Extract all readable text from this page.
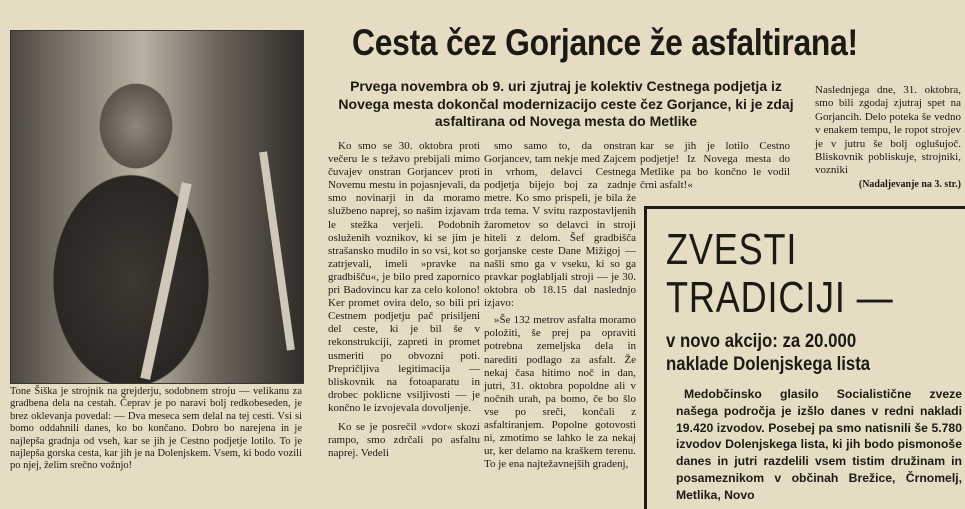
Tone Šiška je strojnik na grejderju, sodobnem stroju — velikanu za gradbena dela na cestah. Čeprav je po naravi bolj redkobeseden, je brez oklevanja povedal: — Dva meseca sem delal na tej cesti. Vsi si bomo oddahnili danes, ko bo končano. Dobro bo narejena in je najlepša gradnja od vseh, kar se jih je Cestno podjetje lotilo. To je najlepša gorska cesta, kar jih je na Dolenjskem. Vsem, ki bodo vozili po njej, želim srečno vožnjo!

Cesta čez Gorjance že asfaltirana!

Prvega novembra ob 9. uri zjutraj je kolektiv Cestnega podjetja iz Novega mesta dokončal modernizacijo ceste čez Gorjance, ki je zdaj asfaltirana od Novega mesta do Metlike

Naslednjega dne, 31. oktobra, smo bili zgodaj zjutraj spet na Gorjancih. Delo poteka še vedno v enakem tempu, le ropot strojev je v jutru še bolj oglušujoč. Bliskovnik pobliskuje, strojniki, vozniki

(Nadaljevanje na 3. str.)

Ko smo se 30. oktobra proti večeru le s težavo prebijali mimo čuvajev onstran Gorjancev proti Novemu mestu in pojasnjevali, da smo novinarji in da moramo službeno naprej, so našim izjavam le stežka verjeli. Podobnih osluženih voznikov, ki se jim je strašansko mudilo in so vsi, kot so zatrjevali, imeli »pravke na gradbišču«, je bilo pred zaporníco pri Badovincu kar za celo kolono! Ker promet ovira delo, so bili pri Cestnem podjetju pač prisiljeni del ceste, ki je bil še v rekonstrukciji, zapreti in promet usmeriti po obvozni poti. Prepričljiva legitimacija — bliskovnik na fotoaparatu in drobec poklicne vsiljivosti — je končno le izvojevala dovoljenje.

Ko se je posrečil »vdor« skozi rampo, smo zdrčali po asfaltu naprej. Vedeli

smo samo to, da onstran Gorjancev, tam nekje med Zajcem in vrhom, delavci Cestnega podjetja bijejo boj za zadnje metre. Ko smo prispeli, je bila že trda tema. V svitu razpostavljenih žarometov so delavci in stroji hiteli z delom. Šef gradbišča gorjanske ceste Dane Mižigoj — našli smo ga v vseku, ki so ga pravkar poglabljali stroji — je 30. oktobra ob 18.15 dal naslednjo izjavo:

»Še 132 metrov asfalta moramo položiti, še prej pa opraviti potrebna zemeljska dela in narediti podlago za asfalt. Že nekaj časa hitimo noč in dan, jutri, 31. oktobra popoldne ali v nočnih urah, pa bomo, če bo šlo vse po sreči, končali z asfaltiranjem. Popolne gotovosti ni, zmotimo se lahko le za nekaj ur, ker delamo na kraškem terenu. To je ena najtežavnejših gradenj,

kar se jih je lotilo Cestno podjetje! Iz Novega mesta do Metlike pa bo končno le vodil črni asfalt!«

ZVESTI
TRADICIJI —
v novo akcijo: za 20.000
naklade Dolenjskega lista

Medobčinsko glasilo Socialistične zveze našega področja je izšlo danes v redni nakladi 19.420 izvodov. Posebej pa smo natisnili še 5.780 izvodov Dolenjskega lista, ki jih bodo pismonoše danes in jutri razdelili vsem tistim družinam in posameznikom v občinah Brežice, Črnomelj, Metlika, Novo
